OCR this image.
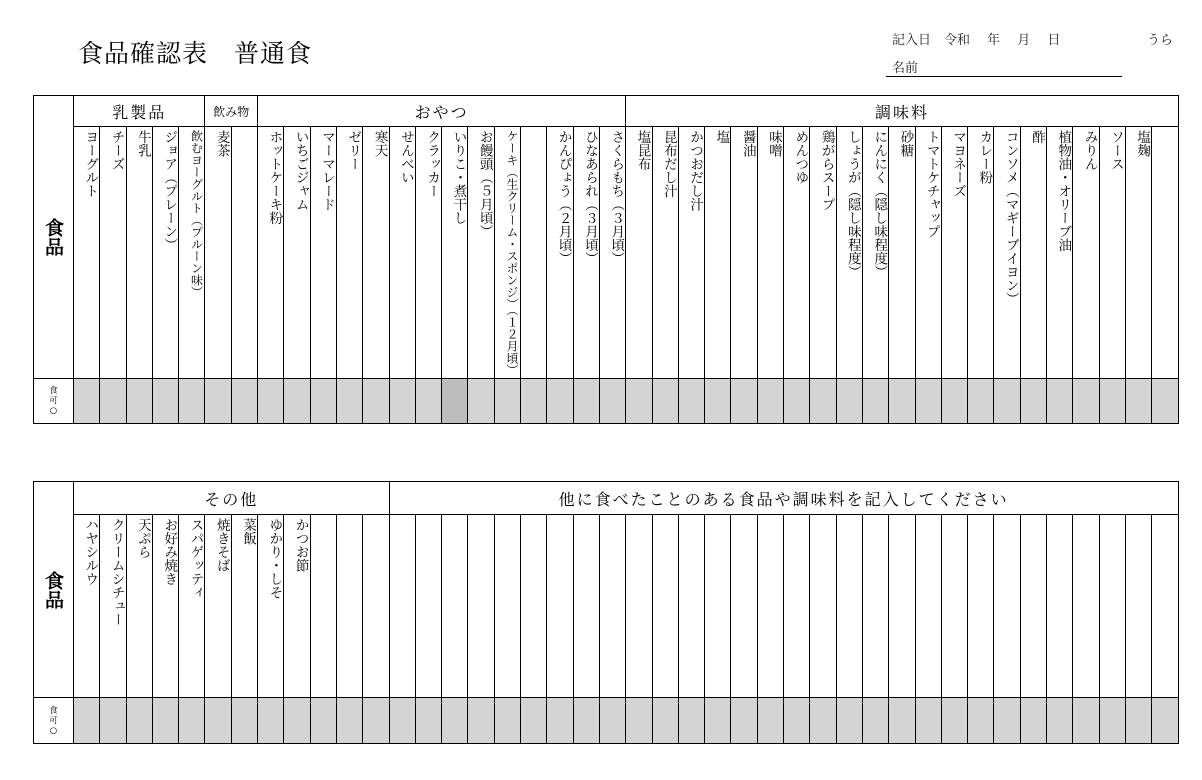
食品確認表　普通食	記入日　令和　 年　 月　 日	うら
名前
食品	乳製品					飲み物		おやつ														調味料																				
	ヨーグルト	チーズ	牛乳	ジョア（プレーン）	飲むヨーグルト（プルーン味）	麦茶		ホットケーキ粉	いちごジャム	マーマレード	ゼリー	寒天	せんべい	クラッカー	いりこ・煮干し	お饅頭（５月頃）	ケーキ（生クリーム・スポンジ）（１２月頃）		かんぴょう（２月頃）	ひなあられ（３月頃）	さくらもち（３月頃）	塩昆布	昆布だし汁	かつおだし汁	塩	醤油	味噌	めんつゆ	鶏がらスープ	しょうが（隠し味程度）	にんにく（隠し味程度）	砂糖	トマトケチャップ	マヨネーズ	カレー粉	コンソメ（マギーブイヨン）	酢	植物油・オリーブ油	みりん	ソース	塩麹	

食可○																																										

食品	その他												他に食べたことのある食品や調味料を記入してください																													
	ハヤシルウ	クリームシチュー	天ぷら	お好み焼き	スパゲッティ	焼きそば	菜飯	ゆかり・しそ	かつお節																																	

食可○																																										
